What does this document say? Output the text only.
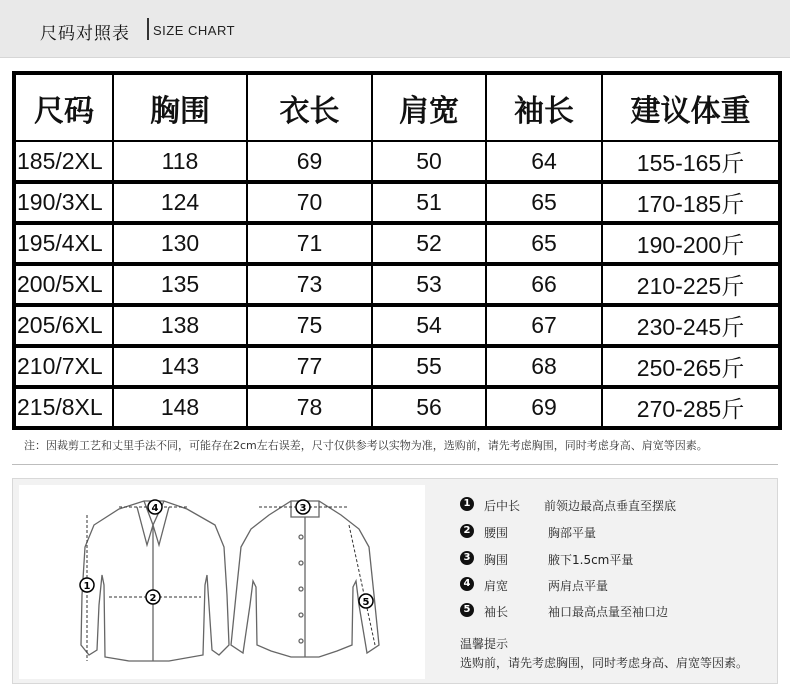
尺码对照表 SIZE CHART
尺码	胸围	衣长	肩宽	袖长	建议体重
185/2XL	118	69	50	64	155-165斤
190/3XL	124	70	51	65	170-185斤
195/4XL	130	71	52	65	190-200斤
200/5XL	135	73	53	66	210-225斤
205/6XL	138	75	54	67	230-245斤
210/7XL	143	77	55	68	250-265斤
215/8XL	148	78	56	69	270-285斤
注：因裁剪工艺和丈里手法不同，可能存在2cm左右误差，尺寸仅供参考以实物为准，选购前，请先考虑胸围，同时考虑身高、肩宽等因素。
1
2
3
4
5
1 后中长 前领边最高点垂直至摆底
2 腰围	胸部平量
3 胸围	腋下1.5cm平量
4 肩宽	两肩点平量
5 袖长	袖口最高点量至袖口边
温馨提示
选购前，请先考虑胸围，同时考虑身高、肩宽等因素。
